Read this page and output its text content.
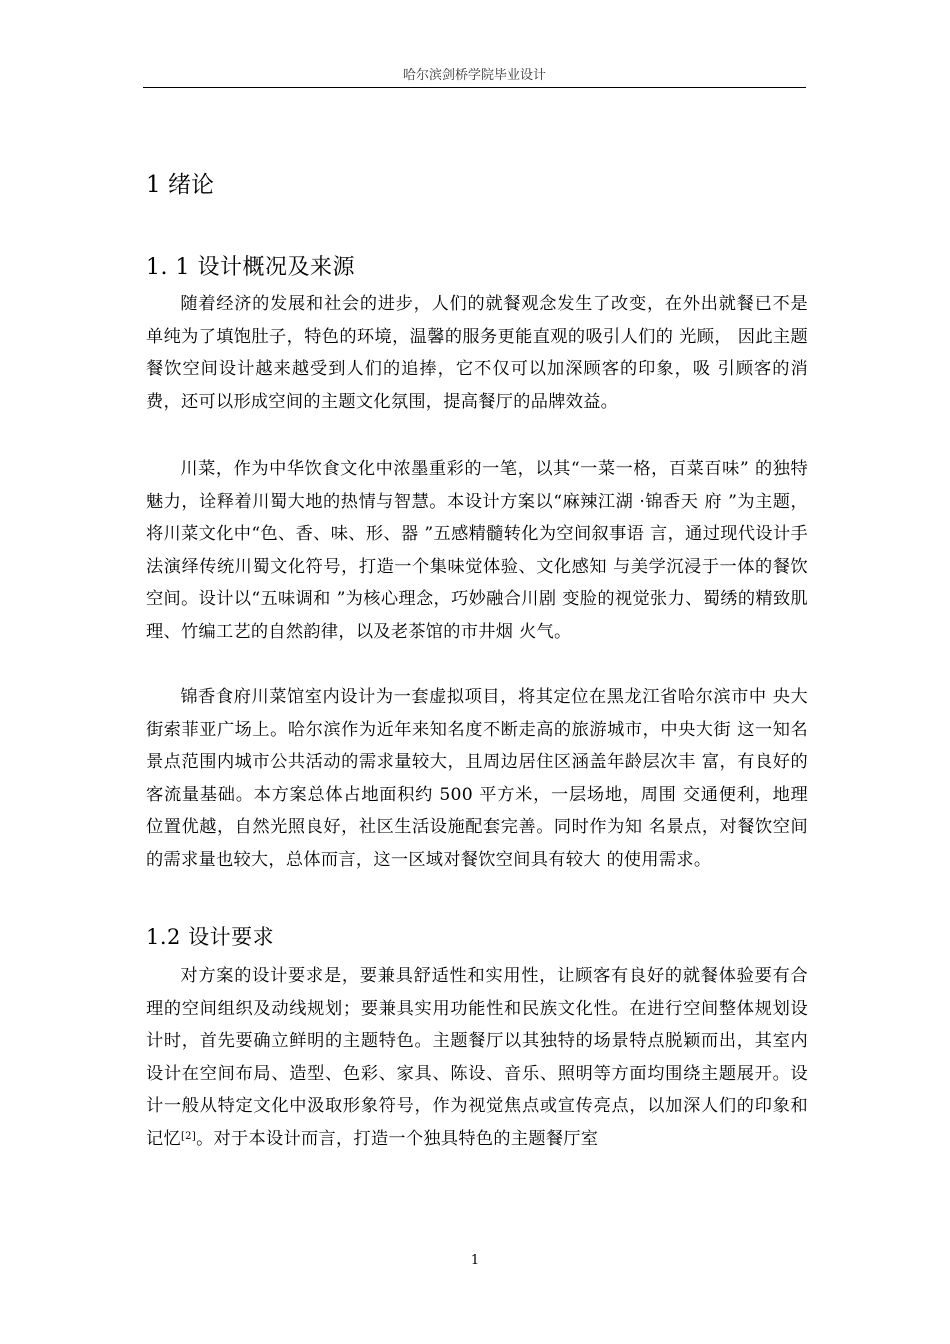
哈尔滨剑桥学院毕业设计
1 绪论
1. 1 设计概况及来源

随着经济的发展和社会的进步，人们的就餐观念发生了改变，在外出就餐已不是单纯为了填饱肚子，特色的环境，温馨的服务更能直观的吸引人们的 光顾， 因此主题餐饮空间设计越来越受到人们的追捧，它不仅可以加深顾客的印象，吸 引顾客的消费，还可以形成空间的主题文化氛围，提高餐厅的品牌效益。

川菜，作为中华饮食文化中浓墨重彩的一笔，以其“一菜一格，百菜百味” 的独特魅力，诠释着川蜀大地的热情与智慧。本设计方案以“麻辣江湖 ·锦香天 府 ”为主题，将川菜文化中“色、香、味、形、器 ”五感精髓转化为空间叙事语 言，通过现代设计手法演绎传统川蜀文化符号，打造一个集味觉体验、文化感知 与美学沉浸于一体的餐饮空间。设计以“五味调和 ”为核心理念，巧妙融合川剧 变脸的视觉张力、蜀绣的精致肌理、竹编工艺的自然韵律，以及老茶馆的市井烟 火气。

锦香食府川菜馆室内设计为一套虚拟项目，将其定位在黑龙江省哈尔滨市中 央大街索菲亚广场上。哈尔滨作为近年来知名度不断走高的旅游城市，中央大街 这一知名景点范围内城市公共活动的需求量较大，且周边居住区涵盖年龄层次丰 富，有良好的客流量基础。本方案总体占地面积约 500 平方米，一层场地，周围 交通便利，地理位置优越，自然光照良好，社区生活设施配套完善。同时作为知 名景点，对餐饮空间的需求量也较大，总体而言，这一区域对餐饮空间具有较大 的使用需求。

1.2 设计要求

对方案的设计要求是，要兼具舒适性和实用性，让顾客有良好的就餐体验要有合理的空间组织及动线规划；要兼具实用功能性和民族文化性。在进行空间整体规划设计时，首先要确立鲜明的主题特色。主题餐厅以其独特的场景特点脱颖而出，其室内设计在空间布局、造型、色彩、家具、陈设、音乐、照明等方面均围绕主题展开。设计一般从特定文化中汲取形象符号，作为视觉焦点或宣传亮点，以加深人们的印象和记忆[2]。对于本设计而言，打造一个独具特色的主题餐厅室

1
